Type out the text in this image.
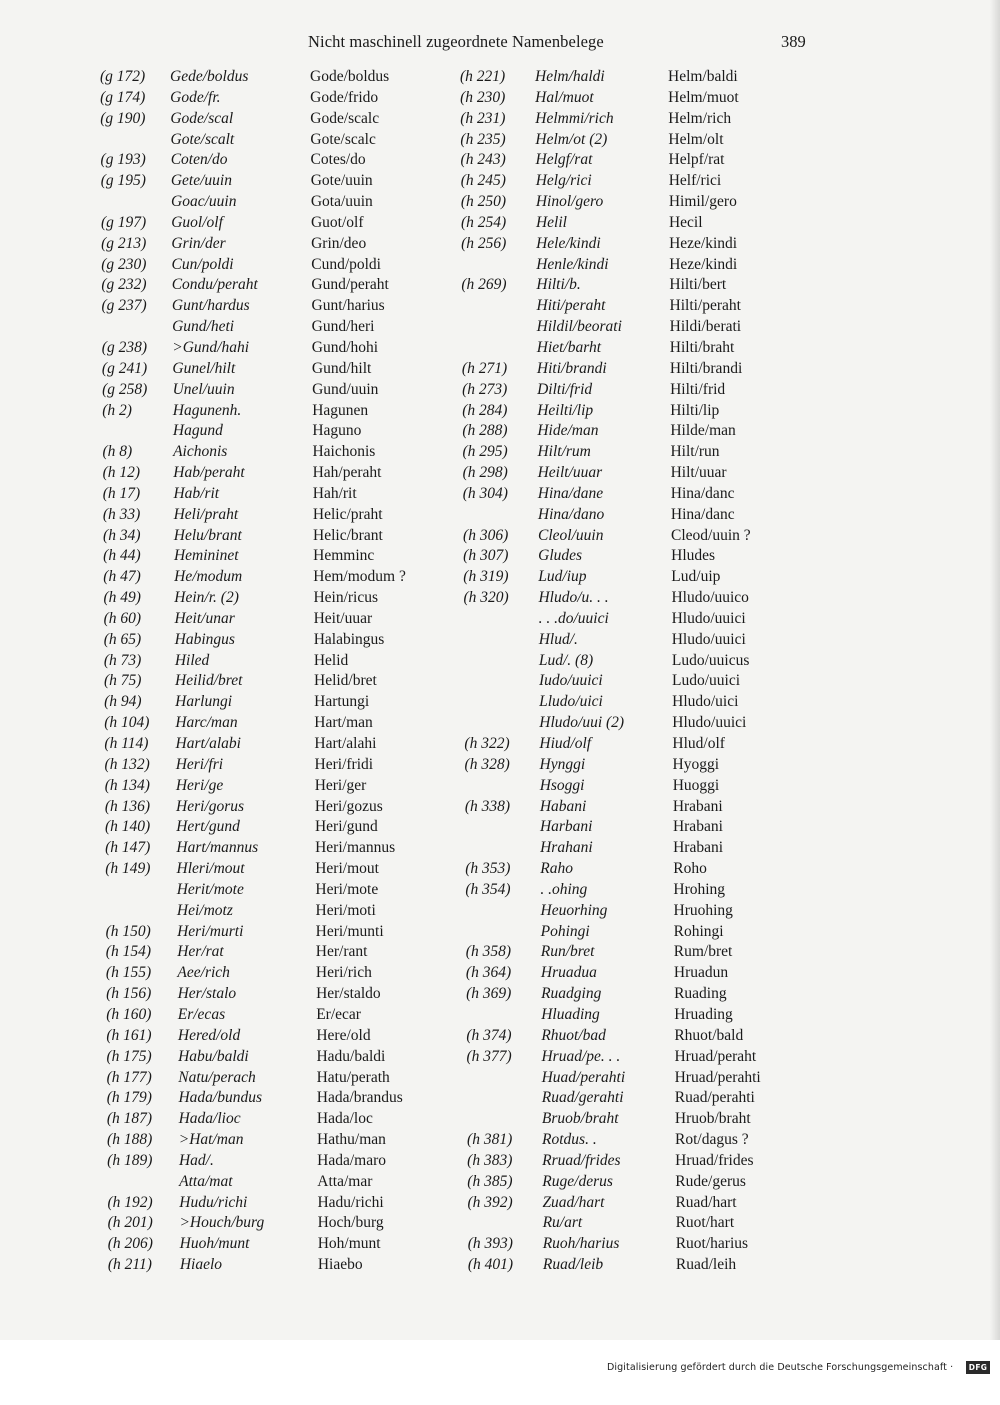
Nicht maschinell zugeordnete Namenbelege	389
(g 172)
(g 174)
(g 190)
(g 193)
(g 195)
(g 197)
(g 213)
(g 230)
(g 232)
(g 237)
(g 238)
(g 241)
(g 258)
(h 2)
(h 8)
(h 12)
(h 17)
(h 33)
(h 34)
(h 44)
(h 47)
(h 49)
(h 60)
(h 65)
(h 73)
(h 75)
(h 94)
(h 104)
(h 114)
(h 132)
(h 134)
(h 136)
(h 140)
(h 147)
(h 149)
(h 150)
(h 154)
(h 155)
(h 156)
(h 160)
(h 161)
(h 175)
(h 177)
(h 179)
(h 187)
(h 188)
(h 189)
(h 192)
(h 201)
(h 206)
(h 211)
Gede/boldus
Gode/fr.
Gode/scal
Gote/scalt
Coten/do
Gete/uuin
Goac/uuin
Guol/olf
Grin/der
Cun/poldi
Condu/peraht
Gunt/hardus
Gund/heti
>Gund/hahi
Gunel/hilt
Unel/uuin
Hagunenh.
Hagund
Aichonis
Hab/peraht
Hab/rit
Heli/praht
Helu/brant
Hemininet
He/modum
Hein/r. (2)
Heit/unar
Habingus
Hiled
Heilid/bret
Harlungi
Harc/man
Hart/alabi
Heri/fri
Heri/ge
Heri/gorus
Hert/gund
Hart/mannus
Hleri/mout
Herit/mote
Hei/motz
Heri/murti
Her/rat
Aee/rich
Her/stalo
Er/ecas
Hered/old
Habu/baldi
Natu/perach
Hada/bundus
Hada/lioc
>Hat/man
Had/.
Atta/mat
Hudu/richi
>Houch/burg
Huoh/munt
Hiaelo
Gode/boldus
Gode/frido
Gode/scalc
Gote/scalc
Cotes/do
Gote/uuin
Gota/uuin
Guot/olf
Grin/deo
Cund/poldi
Gund/peraht
Gunt/harius
Gund/heri
Gund/hohi
Gund/hilt
Gund/uuin
Hagunen
Haguno
Haichonis
Hah/peraht
Hah/rit
Helic/praht
Helic/brant
Hemminc
Hem/modum ?
Hein/ricus
Heit/uuar
Halabingus
Helid
Helid/bret
Hartungi
Hart/man
Hart/alahi
Heri/fridi
Heri/ger
Heri/gozus
Heri/gund
Heri/mannus
Heri/mout
Heri/mote
Heri/moti
Heri/munti
Her/rant
Heri/rich
Her/staldo
Er/ecar
Here/old
Hadu/baldi
Hatu/perath
Hada/brandus
Hada/loc
Hathu/man
Hada/maro
Atta/mar
Hadu/richi
Hoch/burg
Hoh/munt
Hiaebo
(h 221)
(h 230)
(h 231)
(h 235)
(h 243)
(h 245)
(h 250)
(h 254)
(h 256)
(h 269)
(h 271)
(h 273)
(h 284)
(h 288)
(h 295)
(h 298)
(h 304)
(h 306)
(h 307)
(h 319)
(h 320)
(h 322)
(h 328)
(h 338)
(h 353)
(h 354)
(h 358)
(h 364)
(h 369)
(h 374)
(h 377)
(h 381)
(h 383)
(h 385)
(h 392)
(h 393)
(h 401)
Helm/haldi
Hal/muot
Helmmi/rich
Helm/ot (2)
Helgf/rat
Helg/rici
Hinol/gero
Helil
Hele/kindi
Henle/kindi
Hilti/b.
Hiti/peraht
Hildil/beorati
Hiet/barht
Hiti/brandi
Dilti/frid
Heilti/lip
Hide/man
Hilt/rum
Heilt/uuar
Hina/dane
Hina/dano
Cleol/uuin
Gludes
Lud/iup
Hludo/u. . .
. . .do/uuici
Hlud/.
Lud/. (8)
Iudo/uuici
Lludo/uici
Hludo/uui (2)
Hiud/olf
Hynggi
Hsoggi
Habani
Harbani
Hrahani
Raho
. .ohing
Heuorhing
Pohingi
Run/bret
Hruadua
Ruadging
Hluading
Rhuot/bad
Hruad/pe. . .
Huad/perahti
Ruad/gerahti
Bruob/braht
Rotdus. .
Rruad/frides
Ruge/derus
Zuad/hart
Ru/art
Ruoh/harius
Ruad/leib
Helm/baldi
Helm/muot
Helm/rich
Helm/olt
Helpf/rat
Helf/rici
Himil/gero
Hecil
Heze/kindi
Heze/kindi
Hilti/bert
Hilti/peraht
Hildi/berati
Hilti/braht
Hilti/brandi
Hilti/frid
Hilti/lip
Hilde/man
Hilt/run
Hilt/uuar
Hina/danc
Hina/danc
Cleod/uuin ?
Hludes
Lud/uip
Hludo/uuico
Hludo/uuici
Hludo/uuici
Ludo/uuicus
Ludo/uuici
Hludo/uici
Hludo/uuici
Hlud/olf
Hyoggi
Huoggi
Hrabani
Hrabani
Hrabani
Roho
Hrohing
Hruohing
Rohingi
Rum/bret
Hruadun
Ruading
Hruading
Rhuot/bald
Hruad/peraht
Hruad/perahti
Ruad/perahti
Hruob/braht
Rot/dagus ?
Hruad/frides
Rude/gerus
Ruad/hart
Ruot/hart
Ruot/harius
Ruad/leih
Digitalisierung gefördert durch die Deutsche Forschungsgemeinschaft ·	DFG
